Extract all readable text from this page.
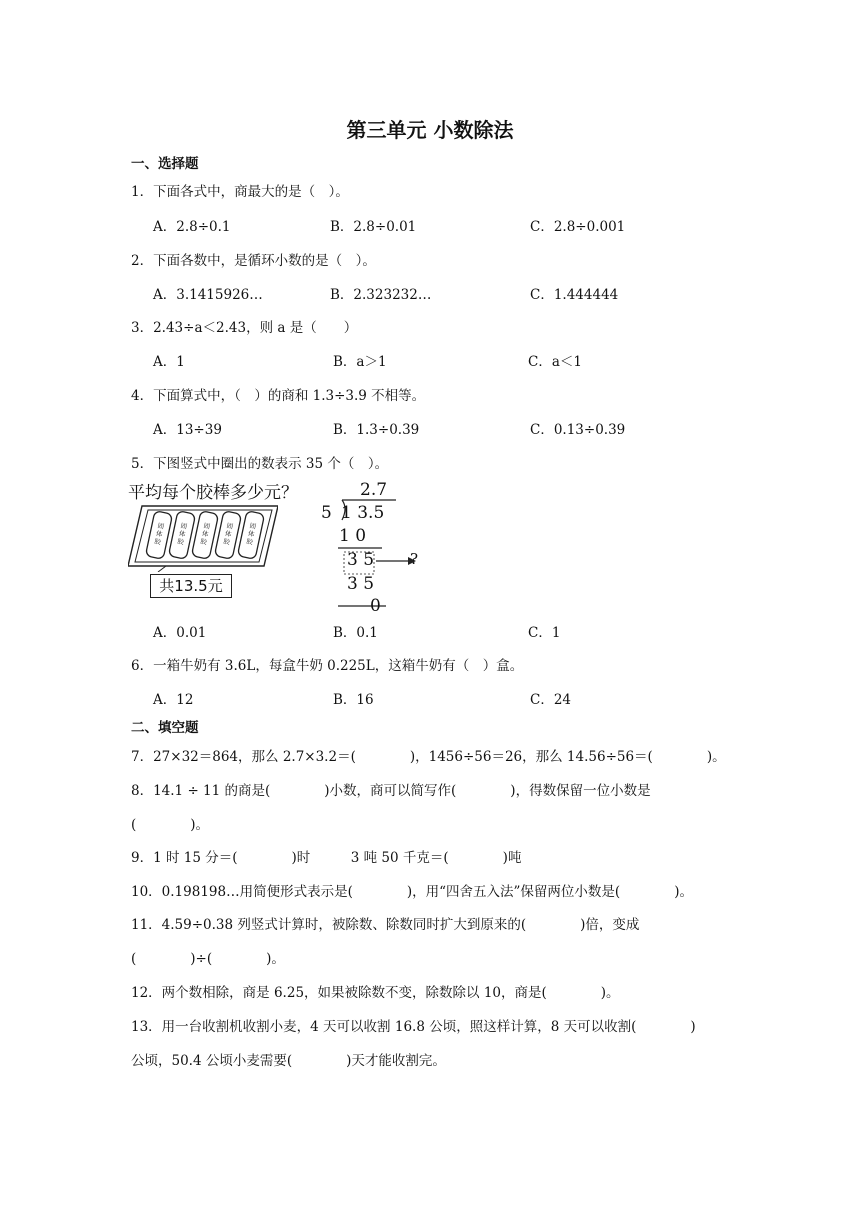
第三单元 小数除法
一、选择题
1．下面各式中，商最大的是（　）。
A．2.8÷0.1	B．2.8÷0.01	C．2.8÷0.001
2．下面各数中，是循环小数的是（　）。
A．3.1415926…	B．2.323232…	C．1.444444
3．2.43÷a＜2.43，则 a 是（　　）
A．1	B．a＞1	C．a＜1
4．下面算式中，（　）的商和 1.3÷3.9 不相等。
A．13÷39	B．1.3÷0.39	C．0.13÷0.39
5．下图竖式中圈出的数表示 35 个（　）。
平均每个胶棒多少元？
固
体
胶
固
体
胶
固
体
胶
固
体
胶
固
体
胶
共13.5元
2.7
5 1 3.5
1 0
3 5 ?
3 5
0
A．0.01	B．0.1	C．1
6．一箱牛奶有 3.6L，每盒牛奶 0.225L，这箱牛奶有（　）盒。
A．12	B．16	C．24
二、填空题
7．27×32＝864，那么 2.7×3.2＝(　　　　)，1456÷56＝26，那么 14.56÷56＝(　　　　)。
8．14.1 ÷ 11 的商是(　　　　)小数，商可以简写作(　　　　)，得数保留一位小数是
(　　　　)。
9．1 时 15 分＝(　　　　)时　　　3 吨 50 千克＝(　　　　)吨
10．0.198198…用简便形式表示是(　　　　)，用“四舍五入法”保留两位小数是(　　　　)。
11．4.59÷0.38 列竖式计算时，被除数、除数同时扩大到原来的(　　　　)倍，变成
(　　　　)÷(　　　　)。
12．两个数相除，商是 6.25，如果被除数不变，除数除以 10，商是(　　　　)。
13．用一台收割机收割小麦，4 天可以收割 16.8 公顷，照这样计算，8 天可以收割(　　　　)
公顷，50.4 公顷小麦需要(　　　　)天才能收割完。
